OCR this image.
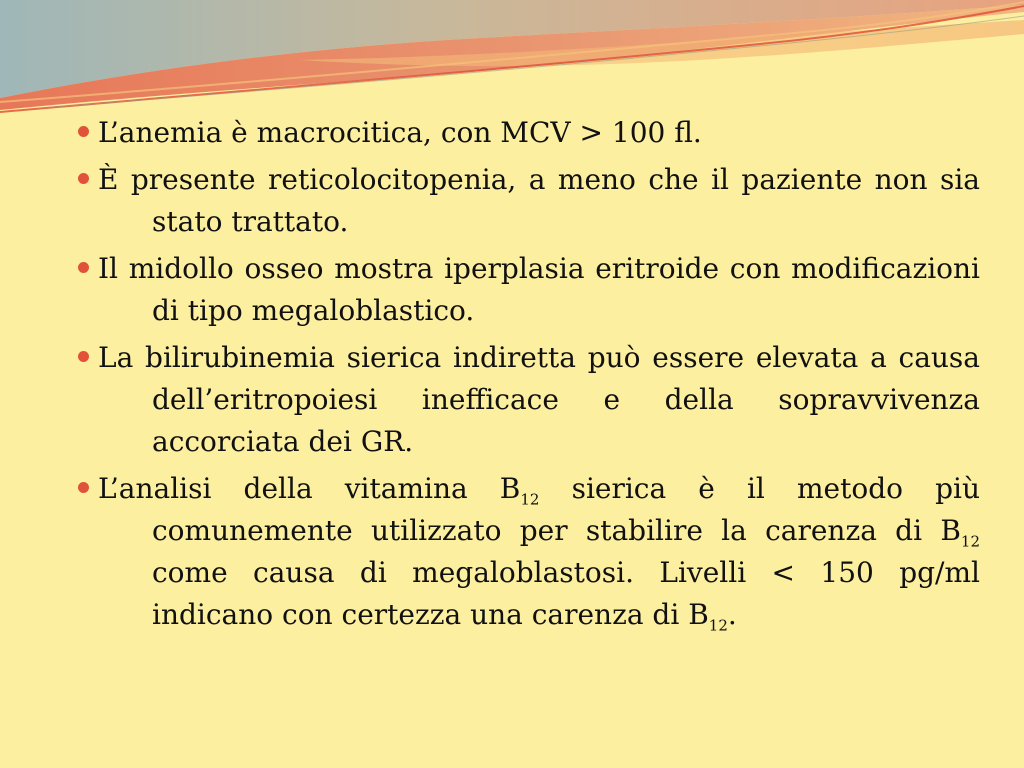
L’anemia è macrocitica, con MCV > 100 fl.
È presente reticolocitopenia, a meno che il paziente non sia stato trattato.
Il midollo osseo mostra iperplasia eritroide con modificazioni di tipo megaloblastico.
La bilirubinemia sierica indiretta può essere elevata a causa dell’eritropoiesi inefficace e della sopravvivenza accorciata dei GR.
L’analisi della vitamina $B_{12}$ sierica è il metodo più comunemente utilizzato per stabilire la carenza di $B_{12}$ come causa di megaloblastosi. Livelli < 150 pg/ml indicano con certezza una carenza di $B_{12}$.
